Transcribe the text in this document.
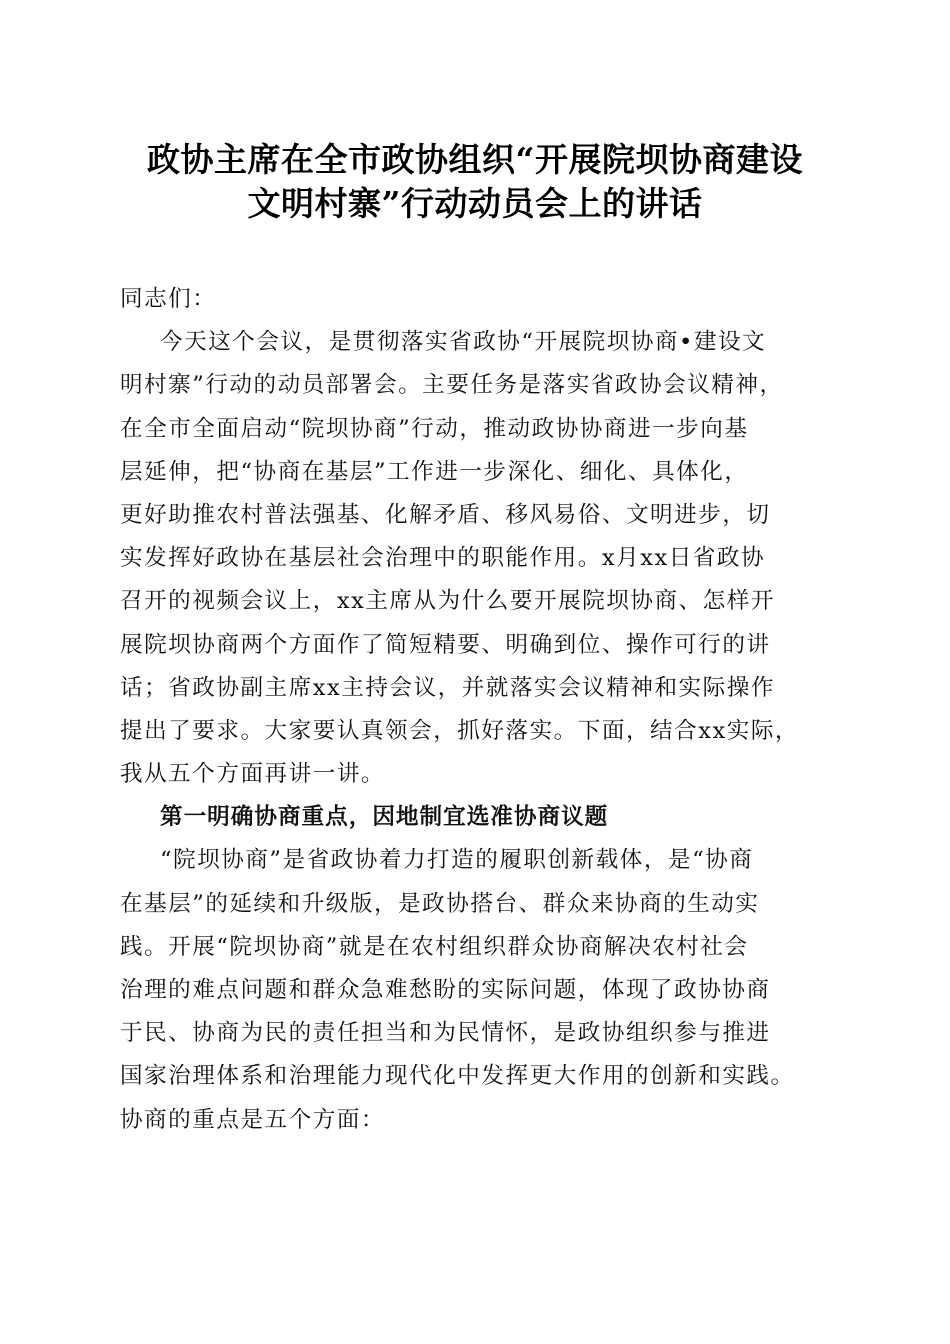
政协主席在全市政协组织“开展院坝协商建设
文明村寨”行动动员会上的讲话
同志们：
今天这个会议，是贯彻落实省政协“开展院坝协商•建设文
明村寨”行动的动员部署会。主要任务是落实省政协会议精神，
在全市全面启动“院坝协商”行动，推动政协协商进一步向基
层延伸，把“协商在基层”工作进一步深化、细化、具体化，
更好助推农村普法强基、化解矛盾、移风易俗、文明进步，切
实发挥好政协在基层社会治理中的职能作用。x月xx日省政协
召开的视频会议上，xx主席从为什么要开展院坝协商、怎样开
展院坝协商两个方面作了简短精要、明确到位、操作可行的讲
话；省政协副主席xx主持会议，并就落实会议精神和实际操作
提出了要求。大家要认真领会，抓好落实。下面，结合xx实际，
我从五个方面再讲一讲。
第一明确协商重点，因地制宜选准协商议题
“院坝协商”是省政协着力打造的履职创新载体，是“协商
在基层”的延续和升级版，是政协搭台、群众来协商的生动实
践。开展“院坝协商”就是在农村组织群众协商解决农村社会
治理的难点问题和群众急难愁盼的实际问题，体现了政协协商
于民、协商为民的责任担当和为民情怀，是政协组织参与推进
国家治理体系和治理能力现代化中发挥更大作用的创新和实践。
协商的重点是五个方面：
